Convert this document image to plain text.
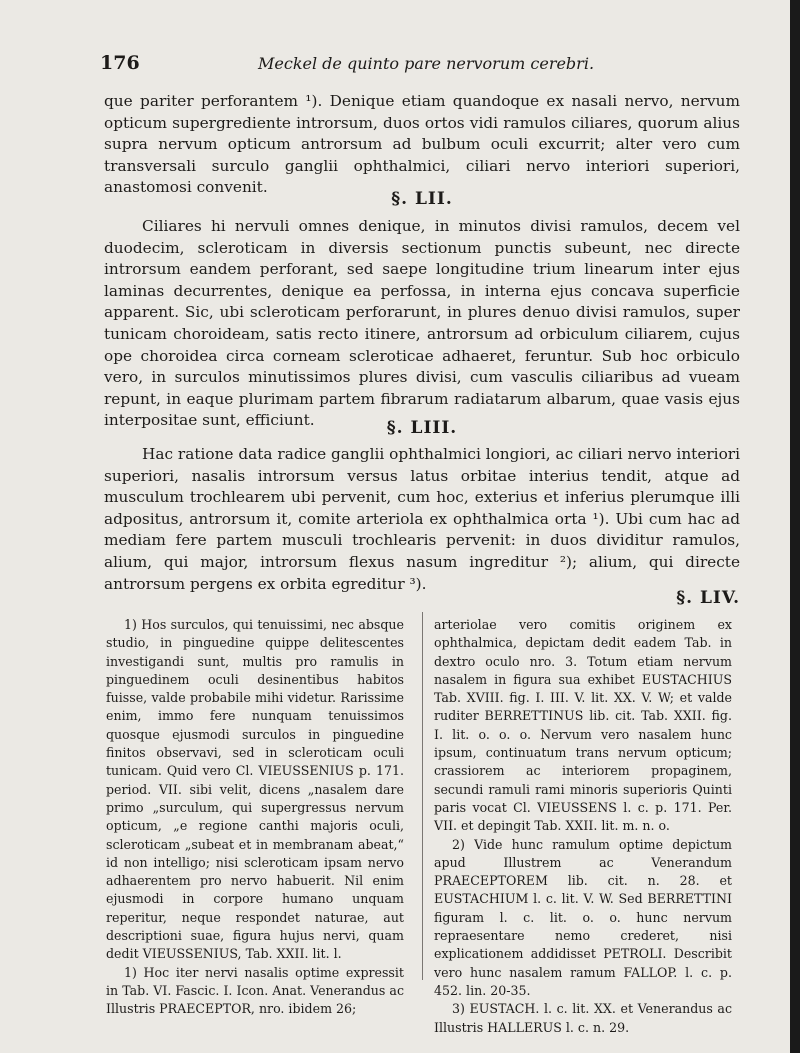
176	Meckel de quinto pare nervorum cerebri.

que pariter perforantem ¹). Denique etiam quandoque ex nasali nervo, nervum opticum supergrediente introrsum, duos ortos vidi ramulos ciliares, quorum alius supra nervum opticum antrorsum ad bulbum oculi excurrit; alter vero cum transversali surculo ganglii ophthalmici, ciliari nervo interiori superiori, anastomosi convenit.

§. LII.

Ciliares hi nervuli omnes denique, in minutos divisi ramulos, decem vel duodecim, scleroticam in diversis sectionum punctis subeunt, nec directe introrsum eandem perforant, sed saepe longitudine trium linearum inter ejus laminas decurrentes, denique ea perfossa, in interna ejus concava superficie apparent. Sic, ubi scleroticam perforarunt, in plures denuo divisi ramulos, super tunicam choroideam, satis recto itinere, antrorsum ad orbiculum ciliarem, cujus ope choroidea circa corneam scleroticae adhaeret, feruntur. Sub hoc orbiculo vero, in surculos minutissimos plures divisi, cum vasculis ciliaribus ad vueam repunt, in eaque plurimam partem fibrarum radiatarum albarum, quae vasis ejus interpositae sunt, efficiunt.	§. LIII.

Hac ratione data radice ganglii ophthalmici longiori, ac ciliari nervo interiori superiori, nasalis introrsum versus latus orbitae interius tendit, atque ad musculum trochlearem ubi pervenit, cum hoc, exterius et inferius plerumque illi adpositus, antrorsum it, comite arteriola ex ophthalmica orta ¹). Ubi cum hac ad mediam fere partem musculi trochlearis pervenit: in duos dividitur ramulos, alium, qui major, introrsum flexus nasum ingreditur ²); alium, qui directe antrorsum pergens ex orbita egreditur ³).

§. LIV.

1) Hos surculos, qui tenuissimi, nec absque studio, in pinguedine quippe delitescentes investigandi sunt, multis pro ramulis in pinguedinem oculi desinentibus habitos fuisse, valde probabile mihi videtur. Rarissime enim, immo fere nunquam tenuissimos quosque ejusmodi surculos in pinguedine finitos observavi, sed in scleroticam oculi tunicam. Quid vero Cl. VIEUSSENIUS p. 171. period. VII. sibi velit, dicens „nasalem dare primo „surculum, qui supergressus nervum opticum, „e regione canthi majoris oculi, scleroticam „subeat et in membranam abeat,“ id non intelligo; nisi scleroticam ipsam nervo adhaerentem pro nervo habuerit. Nil enim ejusmodi in corpore humano unquam reperitur, neque respondet naturae, aut descriptioni suae, figura hujus nervi, quam dedit VIEUSSENIUS, Tab. XXII. lit. l.

1) Hoc iter nervi nasalis optime expressit in Tab. VI. Fascic. I. Icon. Anat. Venerandus ac Illustris PRAECEPTOR, nro. ibidem 26;

arteriolae vero comitis originem ex ophthalmica, depictam dedit eadem Tab. in dextro oculo nro. 3. Totum etiam nervum nasalem in figura sua exhibet EUSTACHIUS Tab. XVIII. fig. I. III. V. lit. XX. V. W; et valde ruditer BERRETTINUS lib. cit. Tab. XXII. fig. I. lit. o. o. o. Nervum vero nasalem hunc ipsum, continuatum trans nervum opticum; crassiorem ac interiorem propaginem, secundi ramuli rami minoris superioris Quinti paris vocat Cl. VIEUSSENS l. c. p. 171. Per. VII. et depingit Tab. XXII. lit. m. n. o.

2) Vide hunc ramulum optime depictum apud Illustrem ac Venerandum PRAECEPTOREM lib. cit. n. 28. et EUSTACHIUM l. c. lit. V. W. Sed BERRETTINI figuram l. c. lit. o. o. hunc nervum repraesentare nemo crederet, nisi explicationem addidisset PETROLI. Describit vero hunc nasalem ramum FALLOP. l. c. p. 452. lin. 20-35.

3) EUSTACH. l. c. lit. XX. et Venerandus ac Illustris HALLERUS l. c. n. 29.
